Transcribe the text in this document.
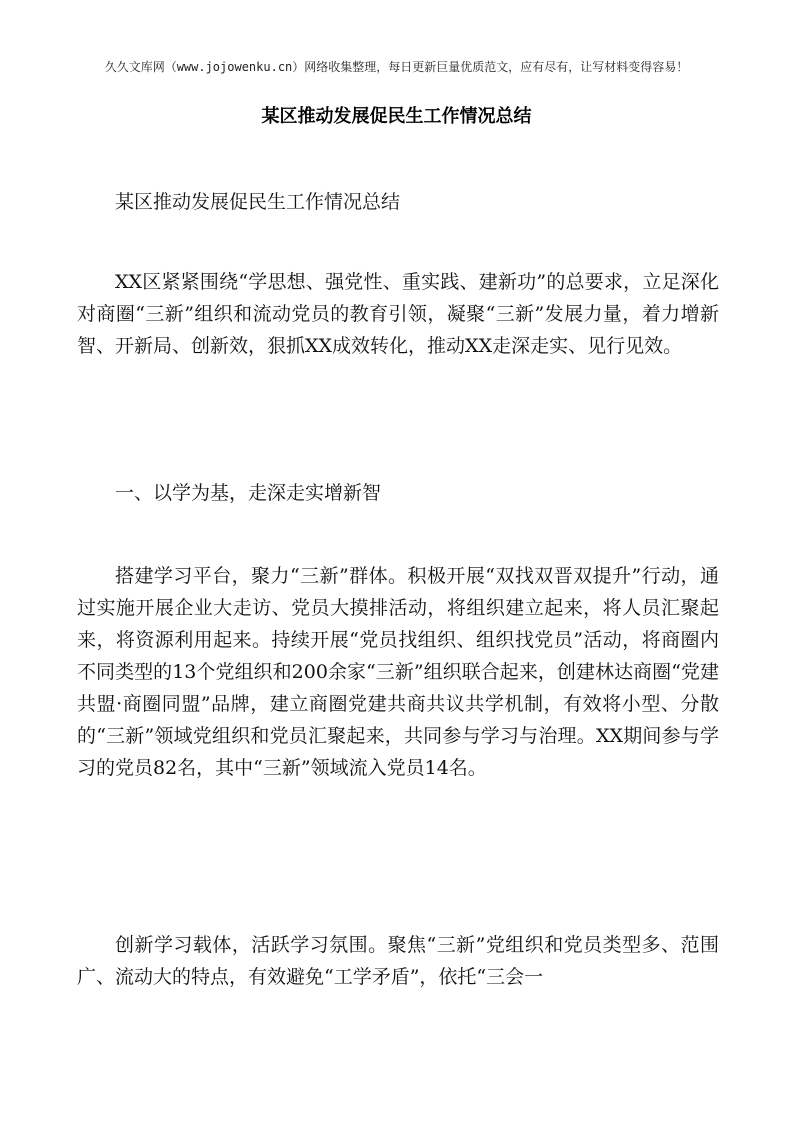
久久文库网（www.jojowenku.cn）网络收集整理，每日更新巨量优质范文，应有尽有，让写材料变得容易！
某区推动发展促民生工作情况总结

某区推动发展促民生工作情况总结

XX区紧紧围绕“学思想、强党性、重实践、建新功”的总要求，立足深化对商圈“三新”组织和流动党员的教育引领，凝聚“三新”发展力量，着力增新智、开新局、创新效，狠抓XX成效转化，推动XX走深走实、见行见效。

一、以学为基，走深走实增新智

搭建学习平台，聚力“三新”群体。积极开展“双找双晋双提升”行动，通过实施开展企业大走访、党员大摸排活动，将组织建立起来，将人员汇聚起来，将资源利用起来。持续开展“党员找组织、组织找党员”活动，将商圈内不同类型的13个党组织和200余家“三新”组织联合起来，创建林达商圈“党建共盟·商圈同盟”品牌，建立商圈党建共商共议共学机制，有效将小型、分散的“三新”领域党组织和党员汇聚起来，共同参与学习与治理。XX期间参与学习的党员82名，其中“三新”领域流入党员14名。

创新学习载体，活跃学习氛围。聚焦“三新”党组织和党员类型多、范围广、流动大的特点，有效避免“工学矛盾”，依托“三会一
